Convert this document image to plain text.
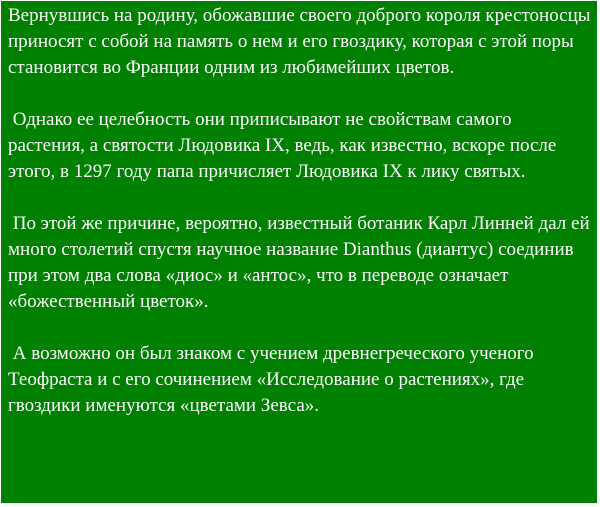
Вернувшись на родину, обожавшие своего доброго короля крестоносцы приносят с собой на память о нем и его гвоздику, которая с этой поры становится во Франции одним из любимейших цветов.

Однако ее целебность они приписывают не свойствам самого растения, а святости Людовика IX, ведь, как известно, вскоре после этого, в 1297 году папа причисляет Людовика IX к лику святых.

По этой же причине, вероятно, известный ботаник Карл Линней дал ей много столетий спустя научное название Dianthus (диантус) соединив при этом два слова «диос» и «антос», что в переводе означает «божественный цветок».

А возможно он был знаком с учением древнегреческого ученого Теофраста и с его сочинением «Исследование о растениях», где гвоздики именуются «цветами Зевса».
